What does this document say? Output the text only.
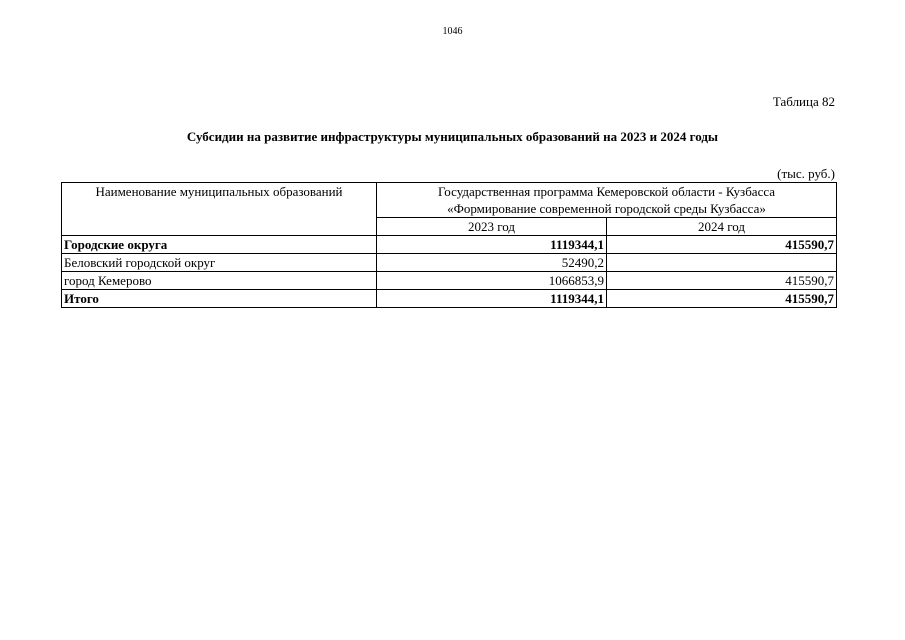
1046
Таблица 82
Субсидии на развитие инфраструктуры муниципальных образований на 2023 и 2024 годы
(тыс. руб.)
Наименование муниципальных образований	Государственная программа Кемеровской области - Кузбасса
«Формирование современной городской среды Кузбасса»	

	2023 год	2024 год
Городские округа	1119344,1	415590,7
Беловский городской округ	52490,2	
город Кемерово	1066853,9	415590,7
Итого	1119344,1	415590,7
